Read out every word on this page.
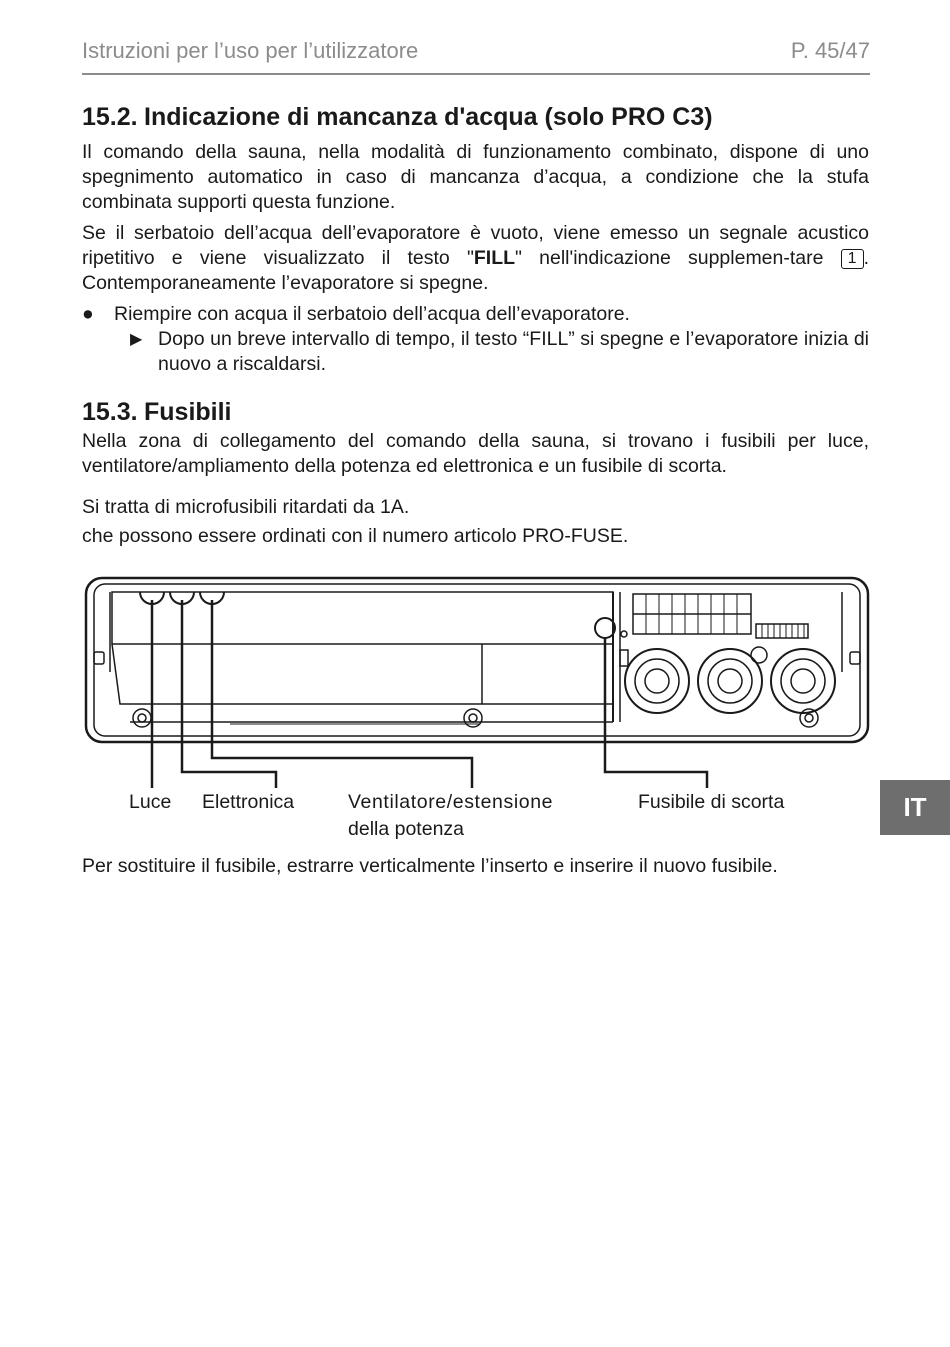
Istruzioni per l’uso per l’utilizzatore	P. 45/47
15.2. Indicazione di mancanza d'acqua (solo PRO C3)

Il comando della sauna, nella modalità di funzionamento combinato, dispone di uno spegnimento automatico in caso di mancanza d’acqua, a condizione che la stufa combinata supporti questa funzione.

Se il serbatoio dell’acqua dell’evaporatore è vuoto, viene emesso un segnale acustico ripetitivo e viene visualizzato il testo "FILL" nell'indicazione supplemen-tare 1 . Contemporaneamente l’evaporatore si spegne.

●	Riempire con acqua il serbatoio dell’acqua dell’evaporatore.
▶ Dopo un breve intervallo di tempo, il testo “FILL” si spegne e l’evaporatore inizia di nuovo a riscaldarsi.
15.3. Fusibili

Nella zona di collegamento del comando della sauna, si trovano i fusibili per luce, ventilatore/ampliamento della potenza ed elettronica e un fusibile di scorta.

Si tratta di microfusibili ritardati da 1A.

che possono essere ordinati con il numero articolo PRO-FUSE.

Luce Elettronica	Ventilatore/estensione
della potenza
Fusibile di scorta	IT
Per sostituire il fusibile, estrarre verticalmente l’inserto e inserire il nuovo fusibile.
